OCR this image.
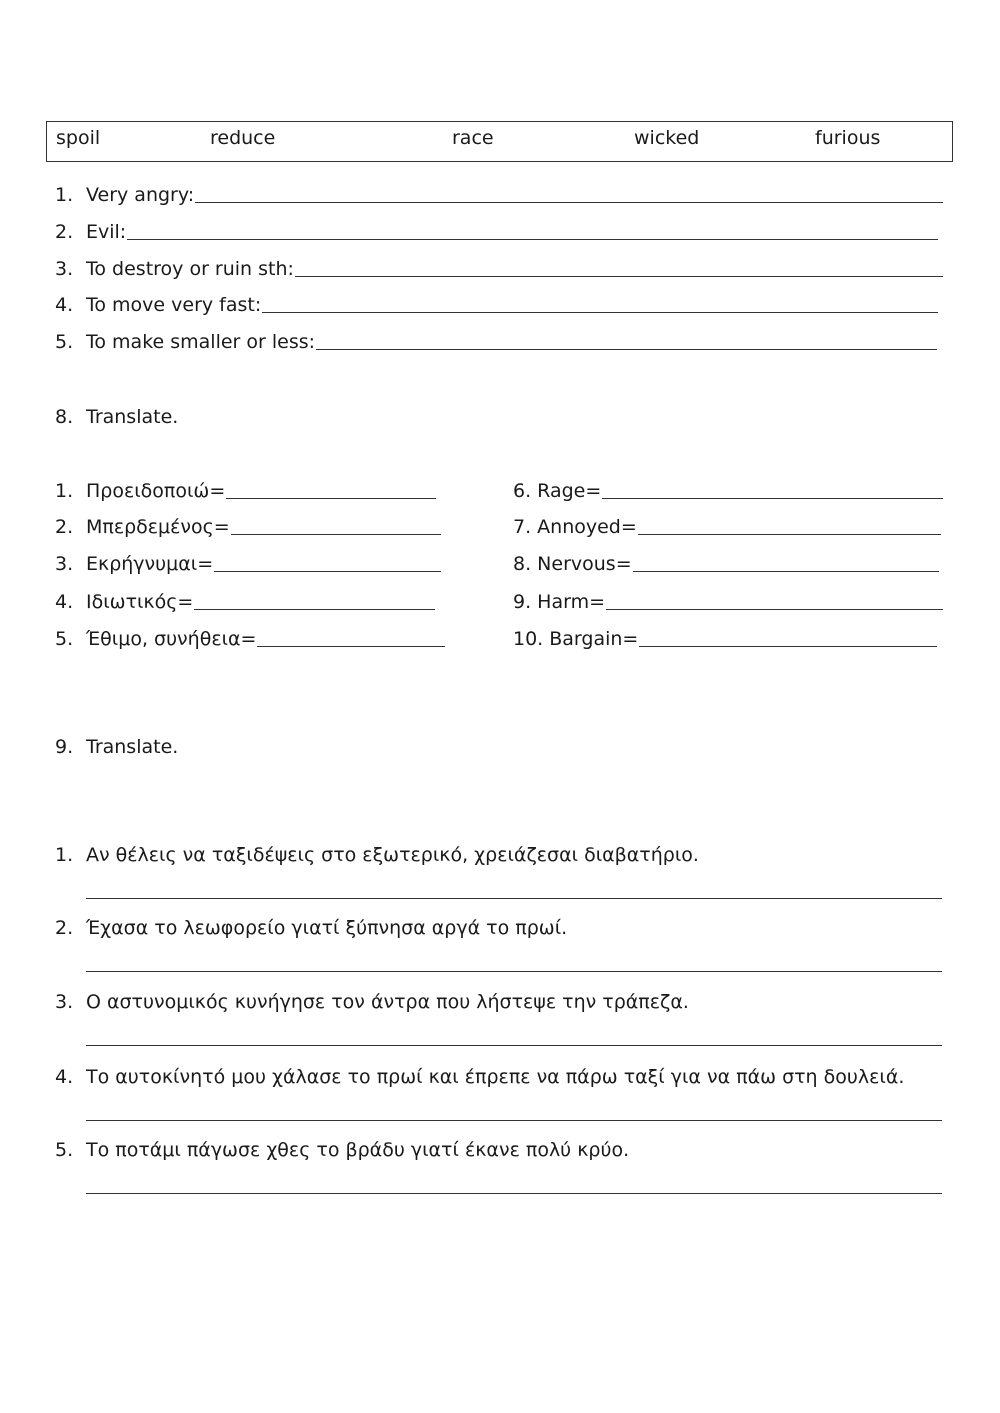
spoil	reduce	race	wicked	furious
1. Very angry:
2. Evil:
3. To destroy or ruin sth:
4. To move very fast:
5. To make smaller or less:
8. Translate.
1. Προειδοποιώ=
2. Μπερδεμένος=
3. Εκρήγνυμαι=
4. Ιδιωτικός=
5. Έθιμο, συνήθεια=
6. Rage=
7. Annoyed=
8. Nervous=
9. Harm=
10. Bargain=
9. Translate.
1. Αν θέλεις να ταξιδέψεις στο εξωτερικό, χρειάζεσαι διαβατήριο.
2. Έχασα το λεωφορείο γιατί ξύπνησα αργά το πρωί.
3. Ο αστυνομικός κυνήγησε τον άντρα που λήστεψε την τράπεζα.
4. Το αυτοκίνητό μου χάλασε το πρωί και έπρεπε να πάρω ταξί για να πάω στη δουλειά.
5. Το ποτάμι πάγωσε χθες το βράδυ γιατί έκανε πολύ κρύο.
